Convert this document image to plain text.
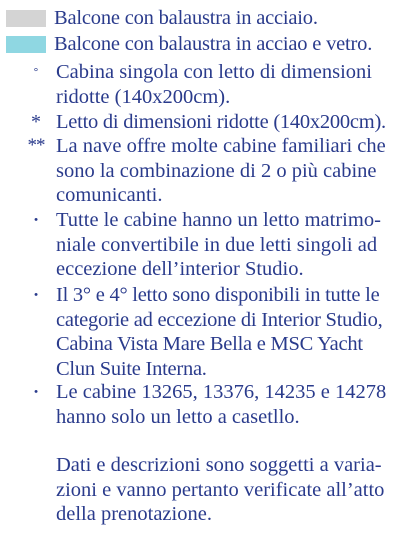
Balcone con balaustra in acciaio.
Balcone con balaustra in acciao e vetro.
° Cabina singola con letto di dimensioni
ridotte (140x200cm).
* Letto di dimensioni ridotte (140x200cm).
** La nave offre molte cabine familiari che
sono la combinazione di 2 o più cabine
comunicanti.
• Tutte le cabine hanno un letto matrimo-
niale convertibile in due letti singoli ad
eccezione dell’interior Studio.
• Il 3° e 4° letto sono disponibili in tutte le
categorie ad eccezione di Interior Studio,
Cabina Vista Mare Bella e MSC Yacht
Clun Suite Interna.
• Le cabine 13265, 13376, 14235 e 14278
hanno solo un letto a casetllo.
Dati e descrizioni sono soggetti a varia-
zioni e vanno pertanto verificate all’atto
della prenotazione.
